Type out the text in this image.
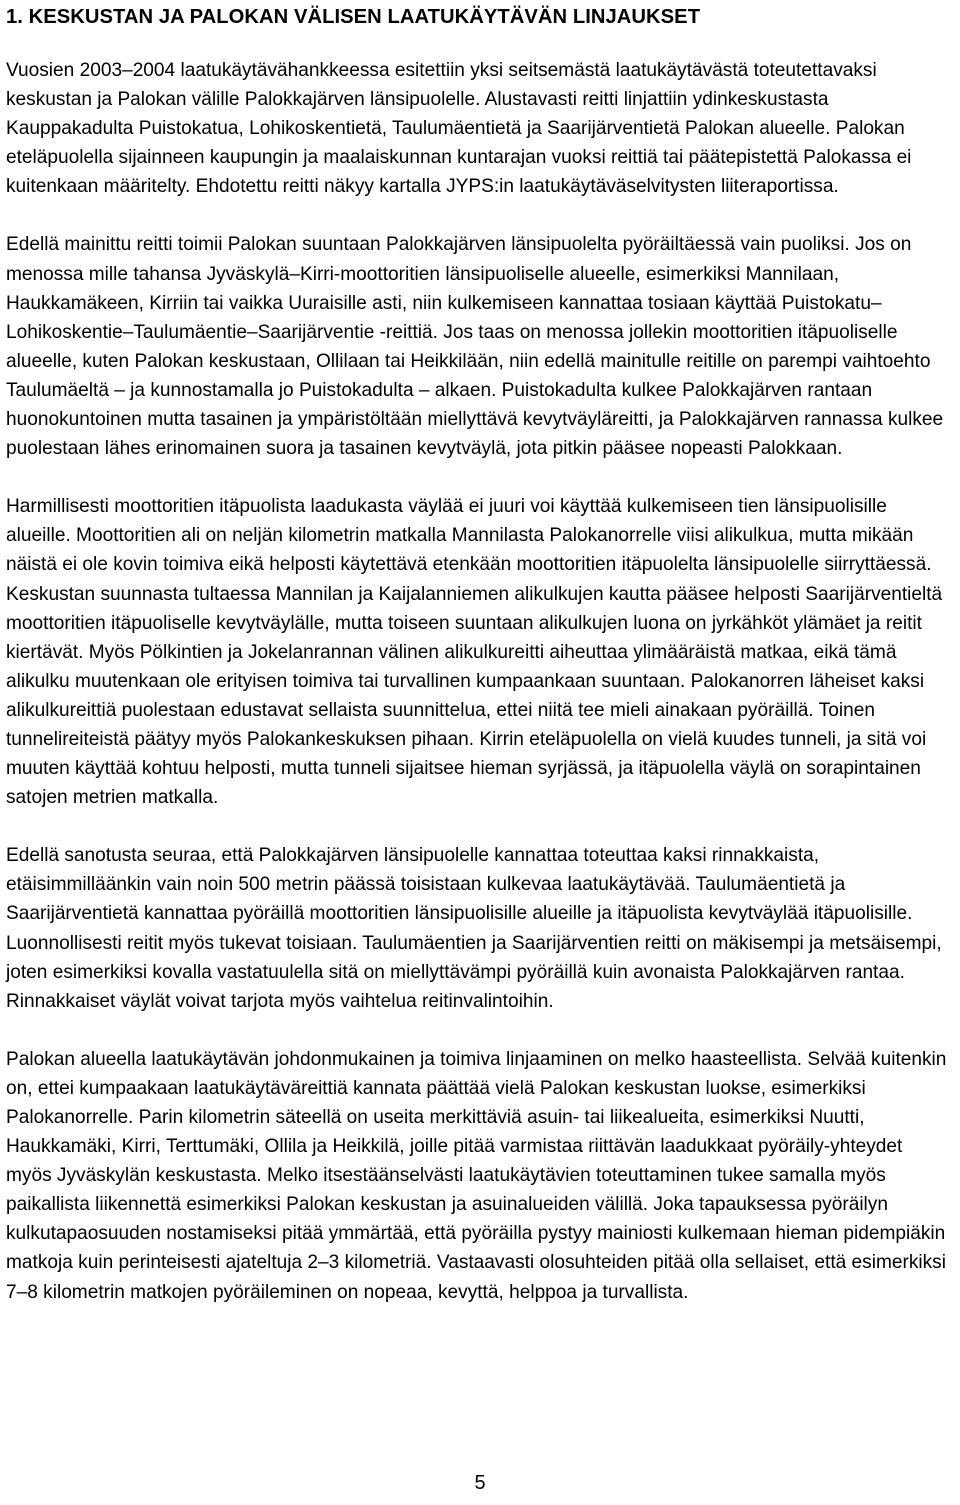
1. KESKUSTAN JA PALOKAN VÄLISEN LAATUKÄYTÄVÄN LINJAUKSET

Vuosien 2003–2004 laatukäytävähankkeessa esitettiin yksi seitsemästä laatukäytävästä toteutettavaksi keskustan ja Palokan välille Palokkajärven länsipuolelle. Alustavasti reitti linjattiin ydinkeskustasta Kauppakadulta Puistokatua, Lohikoskentietä, Taulumäentietä ja Saarijärventietä Palokan alueelle. Palokan eteläpuolella sijainneen kaupungin ja maalaiskunnan kuntarajan vuoksi reittiä tai päätepistettä Palokassa ei kuitenkaan määritelty. Ehdotettu reitti näkyy kartalla JYPS:in laatukäytäväselvitysten liiteraportissa.

Edellä mainittu reitti toimii Palokan suuntaan Palokkajärven länsipuolelta pyöräiltäessä vain puoliksi. Jos on menossa mille tahansa Jyväskylä–Kirri-moottoritien länsipuoliselle alueelle, esimerkiksi Mannilaan, Haukkamäkeen, Kirriin tai vaikka Uuraisille asti, niin kulkemiseen kannattaa tosiaan käyttää Puistokatu–Lohikoskentie–Taulumäentie–Saarijärventie -reittiä. Jos taas on menossa jollekin moottoritien itäpuoliselle alueelle, kuten Palokan keskustaan, Ollilaan tai Heikkilään, niin edellä mainitulle reitille on parempi vaihtoehto Taulumäeltä – ja kunnostamalla jo Puistokadulta – alkaen. Puistokadulta kulkee Palokkajärven rantaan huonokuntoinen mutta tasainen ja ympäristöltään miellyttävä kevytväyläreitti, ja Palokkajärven rannassa kulkee puolestaan lähes erinomainen suora ja tasainen kevytväylä, jota pitkin pääsee nopeasti Palokkaan.

Harmillisesti moottoritien itäpuolista laadukasta väylää ei juuri voi käyttää kulkemiseen tien länsipuolisille alueille. Moottoritien ali on neljän kilometrin matkalla Mannilasta Palokanorrelle viisi alikulkua, mutta mikään näistä ei ole kovin toimiva eikä helposti käytettävä etenkään moottoritien itäpuolelta länsipuolelle siirryttäessä. Keskustan suunnasta tultaessa Mannilan ja Kaijalanniemen alikulkujen kautta pääsee helposti Saarijärventieltä moottoritien itäpuoliselle kevytväylälle, mutta toiseen suuntaan alikulkujen luona on jyrkähköt ylämäet ja reitit kiertävät. Myös Pölkintien ja Jokelanrannan välinen alikulkureitti aiheuttaa ylimääräistä matkaa, eikä tämä alikulku muutenkaan ole erityisen toimiva tai turvallinen kumpaankaan suuntaan. Palokanorren läheiset kaksi alikulkureittiä puolestaan edustavat sellaista suunnittelua, ettei niitä tee mieli ainakaan pyöräillä. Toinen tunnelireiteistä päätyy myös Palokankeskuksen pihaan. Kirrin eteläpuolella on vielä kuudes tunneli, ja sitä voi muuten käyttää kohtuu helposti, mutta tunneli sijaitsee hieman syrjässä, ja itäpuolella väylä on sorapintainen satojen metrien matkalla.

Edellä sanotusta seuraa, että Palokkajärven länsipuolelle kannattaa toteuttaa kaksi rinnakkaista, etäisimmilläänkin vain noin 500 metrin päässä toisistaan kulkevaa laatukäytävää. Taulumäentietä ja Saarijärventietä kannattaa pyöräillä moottoritien länsipuolisille alueille ja itäpuolista kevytväylää itäpuolisille. Luonnollisesti reitit myös tukevat toisiaan. Taulumäentien ja Saarijärventien reitti on mäkisempi ja metsäisempi, joten esimerkiksi kovalla vastatuulella sitä on miellyttävämpi pyöräillä kuin avonaista Palokkajärven rantaa. Rinnakkaiset väylät voivat tarjota myös vaihtelua reitinvalintoihin.

Palokan alueella laatukäytävän johdonmukainen ja toimiva linjaaminen on melko haasteellista. Selvää kuitenkin on, ettei kumpaakaan laatukäytäväreittiä kannata päättää vielä Palokan keskustan luokse, esimerkiksi Palokanorrelle. Parin kilometrin säteellä on useita merkittäviä asuin- tai liikealueita, esimerkiksi Nuutti, Haukkamäki, Kirri, Terttumäki, Ollila ja Heikkilä, joille pitää varmistaa riittävän laadukkaat pyöräily-yhteydet myös Jyväskylän keskustasta. Melko itsestäänselvästi laatukäytävien toteuttaminen tukee samalla myös paikallista liikennettä esimerkiksi Palokan keskustan ja asuinalueiden välillä. Joka tapauksessa pyöräilyn kulkutapaosuuden nostamiseksi pitää ymmärtää, että pyöräilla pystyy mainiosti kulkemaan hieman pidempiäkin matkoja kuin perinteisesti ajateltuja 2–3 kilometriä. Vastaavasti olosuhteiden pitää olla sellaiset, että esimerkiksi 7–8 kilometrin matkojen pyöräileminen on nopeaa, kevyttä, helppoa ja turvallista.

5
